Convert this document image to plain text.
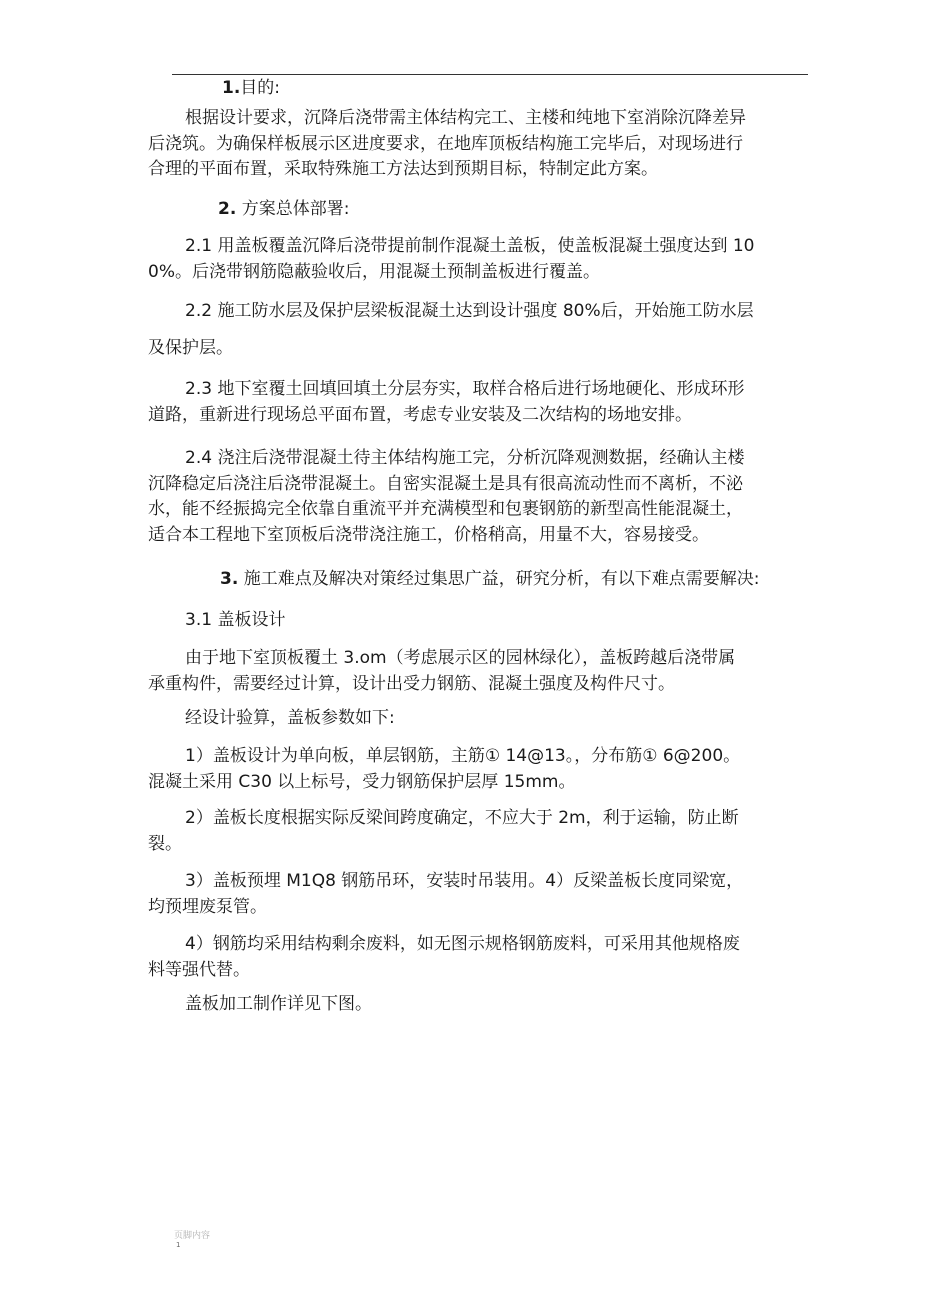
1.目的:
根据设计要求，沉降后浇带需主体结构完工、主楼和纯地下室消除沉降差异
后浇筑。为确保样板展示区进度要求，在地库顶板结构施工完毕后，对现场进行
合理的平面布置，采取特殊施工方法达到预期目标，特制定此方案。
2. 方案总体部署:
2.1 用盖板覆盖沉降后浇带提前制作混凝土盖板，使盖板混凝土强度达到 10
0%。后浇带钢筋隐蔽验收后，用混凝土预制盖板进行覆盖。
2.2 施工防水层及保护层梁板混凝土达到设计强度 80%后，开始施工防水层
及保护层。
2.3 地下室覆土回填回填土分层夯实，取样合格后进行场地硬化、形成环形
道路，重新进行现场总平面布置，考虑专业安装及二次结构的场地安排。
2.4 浇注后浇带混凝土待主体结构施工完，分析沉降观测数据，经确认主楼
沉降稳定后浇注后浇带混凝土。自密实混凝土是具有很高流动性而不离析，不泌
水，能不经振捣完全依靠自重流平并充满模型和包裹钢筋的新型高性能混凝土，
适合本工程地下室顶板后浇带浇注施工，价格稍高，用量不大，容易接受。
3. 施工难点及解决对策经过集思广益，研究分析，有以下难点需要解决:
3.1 盖板设计
由于地下室顶板覆土 3.om（考虑展示区的园林绿化），盖板跨越后浇带属
承重构件，需要经过计算，设计出受力钢筋、混凝土强度及构件尺寸。
经设计验算，盖板参数如下:
1）盖板设计为单向板，单层钢筋，主筋① 14@13。，分布筋① 6@200。
混凝土采用 C30 以上标号，受力钢筋保护层厚 15mm。
2）盖板长度根据实际反梁间跨度确定，不应大于 2m，利于运输，防止断
裂。
3）盖板预埋 M1Q8 钢筋吊环，安装时吊装用。4）反梁盖板长度同梁宽，
均预埋废泵管。
4）钢筋均采用结构剩余废料，如无图示规格钢筋废料，可采用其他规格废
料等强代替。
盖板加工制作详见下图。
页脚内容
1
